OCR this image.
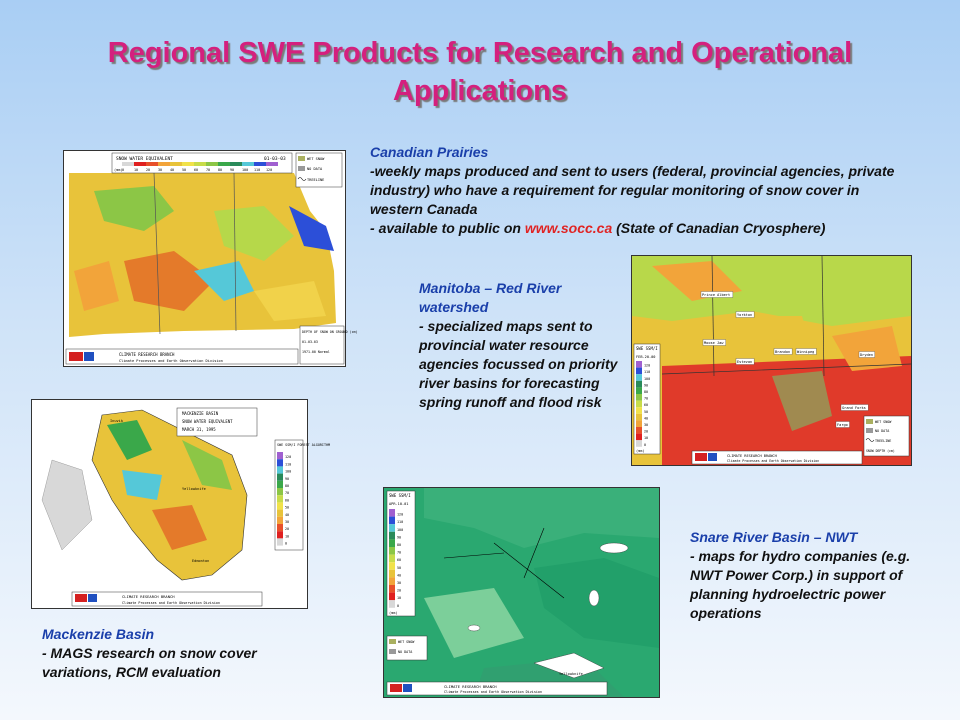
Regional SWE Products for Research and Operational Applications
Canadian Prairies
-weekly maps produced and sent to users (federal, provincial agencies, private industry) who have a requirement for regular monitoring of snow cover in western Canada
- available to public on www.socc.ca (State of Canadian Cryosphere)
Manitoba – Red River watershed
- specialized maps sent to provincial water resource agencies focussed on priority river basins for forecasting spring runoff and flood risk
Mackenzie Basin
- MAGS research on snow cover variations, RCM evaluation
Snare River Basin – NWT
- maps for hydro companies (e.g. NWT Power Corp.) in support of planning hydroelectric power operations
SNOW WATER EQUIVALENT	01-03-03
0	10 20 30 40 50 60 70 80 90 100 110 120
(mm)
WET SNOW
NO DATA
TREELINE
DEPTH OF SNOW ON GROUND (cm)
01-03-03
1971-00 Normal
CLIMATE RESEARCH BRANCH
Climate Processes and Earth Observation Division
Prince Albert
Yorkton
Moose Jaw
Brandon Winnipeg
Estevan
Dryden
Grand Forks
Fargo
SWE SSM/I
FEB.20-00
120
110
100
90
80
70
60
50
40
30
20
10
0
(mm)
WET SNOW
NO DATA
TREELINE
SNOW DEPTH (cm)
CLIMATE RESEARCH BRANCH
Climate Processes and Earth Observation Division
MACKENZIE BASIN
SNOW WATER EQUIVALENT
MARCH 31, 1995
Inuvik
Yellowknife
Edmonton
SWE SSM/I FOREST ALGORITHM
120
110
100
90
80
70
60
50
40
30
20
10
0
CLIMATE RESEARCH BRANCH
Climate Processes and Earth Observation Division
Yellowknife
SWE SSM/I
APR.10-01
120
110
100
90
80
70
60
50
40
30
20
10
0
(mm)
WET SNOW
NO DATA
CLIMATE RESEARCH BRANCH
Climate Processes and Earth Observation Division
